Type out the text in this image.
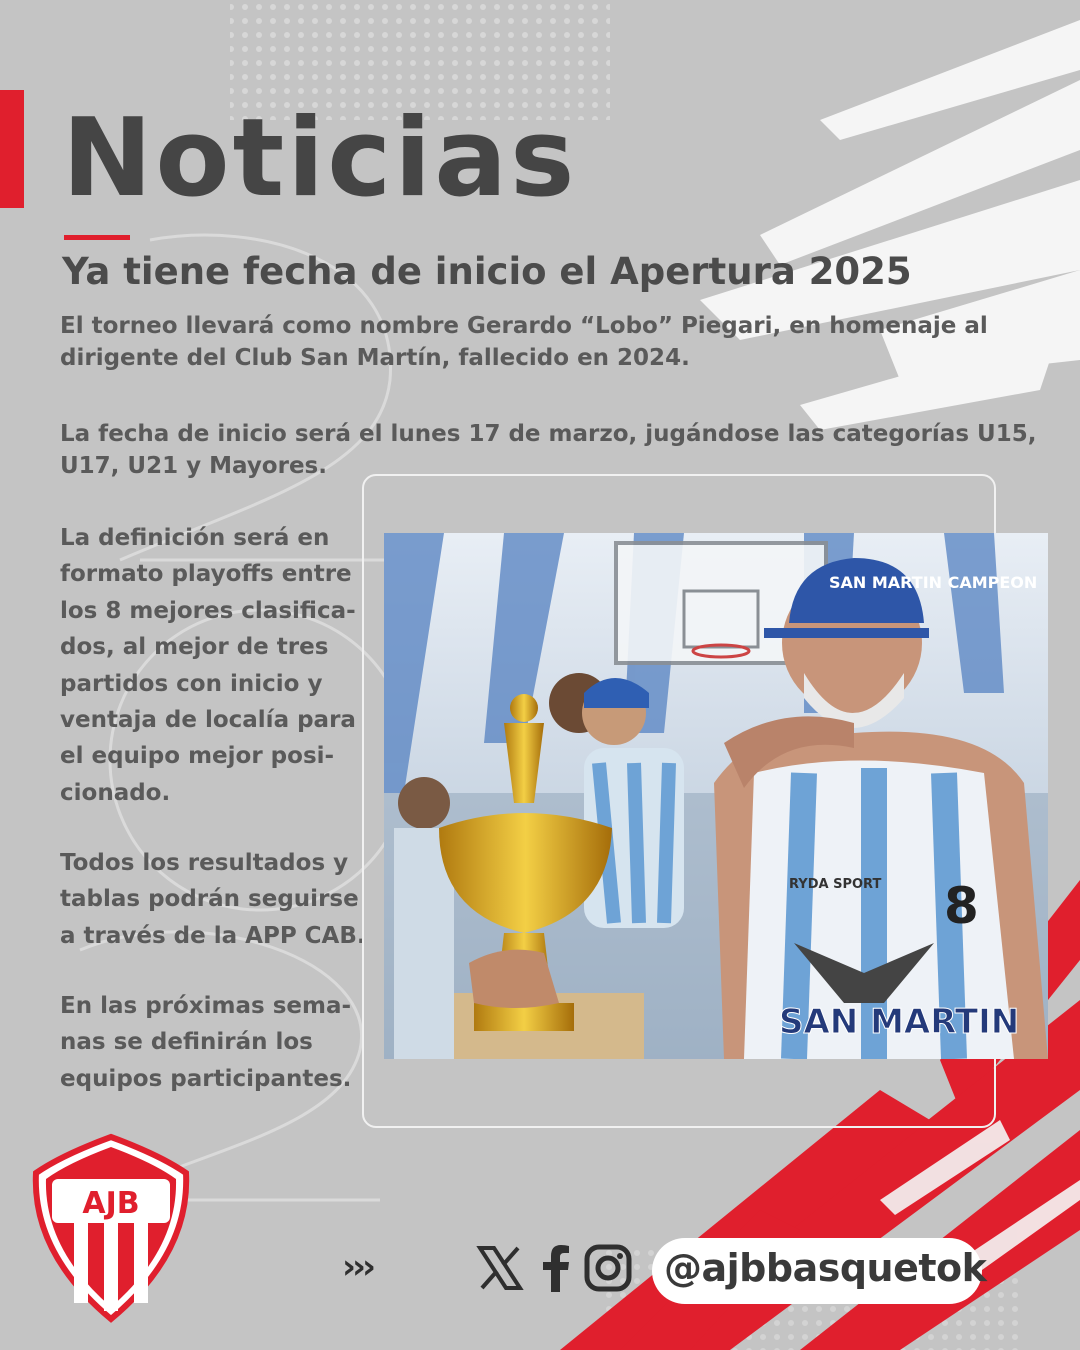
Noticias
Ya tiene fecha de inicio el Apertura 2025

El torneo llevará como nombre Gerardo “Lobo” Piegari, en homenaje al dirigente del Club San Martín, fallecido en 2024.

La fecha de inicio será el lunes 17 de marzo, jugándose las categorías U15, U17, U21 y Mayores.

La definición será en formato playoffs entre los 8 mejores clasifica-dos, al mejor de tres partidos con inicio y ventaja de localía para el equipo mejor posi-cionado.

Todos los resultados y tablas podrán seguirse a través de la APP CAB.

En las próximas sema-nas se definirán los equipos participantes.

SAN MARTIN CAMPEON
RYDA SPORT 8
SAN MARTIN
AJB

›››	@ajbbasquetok
